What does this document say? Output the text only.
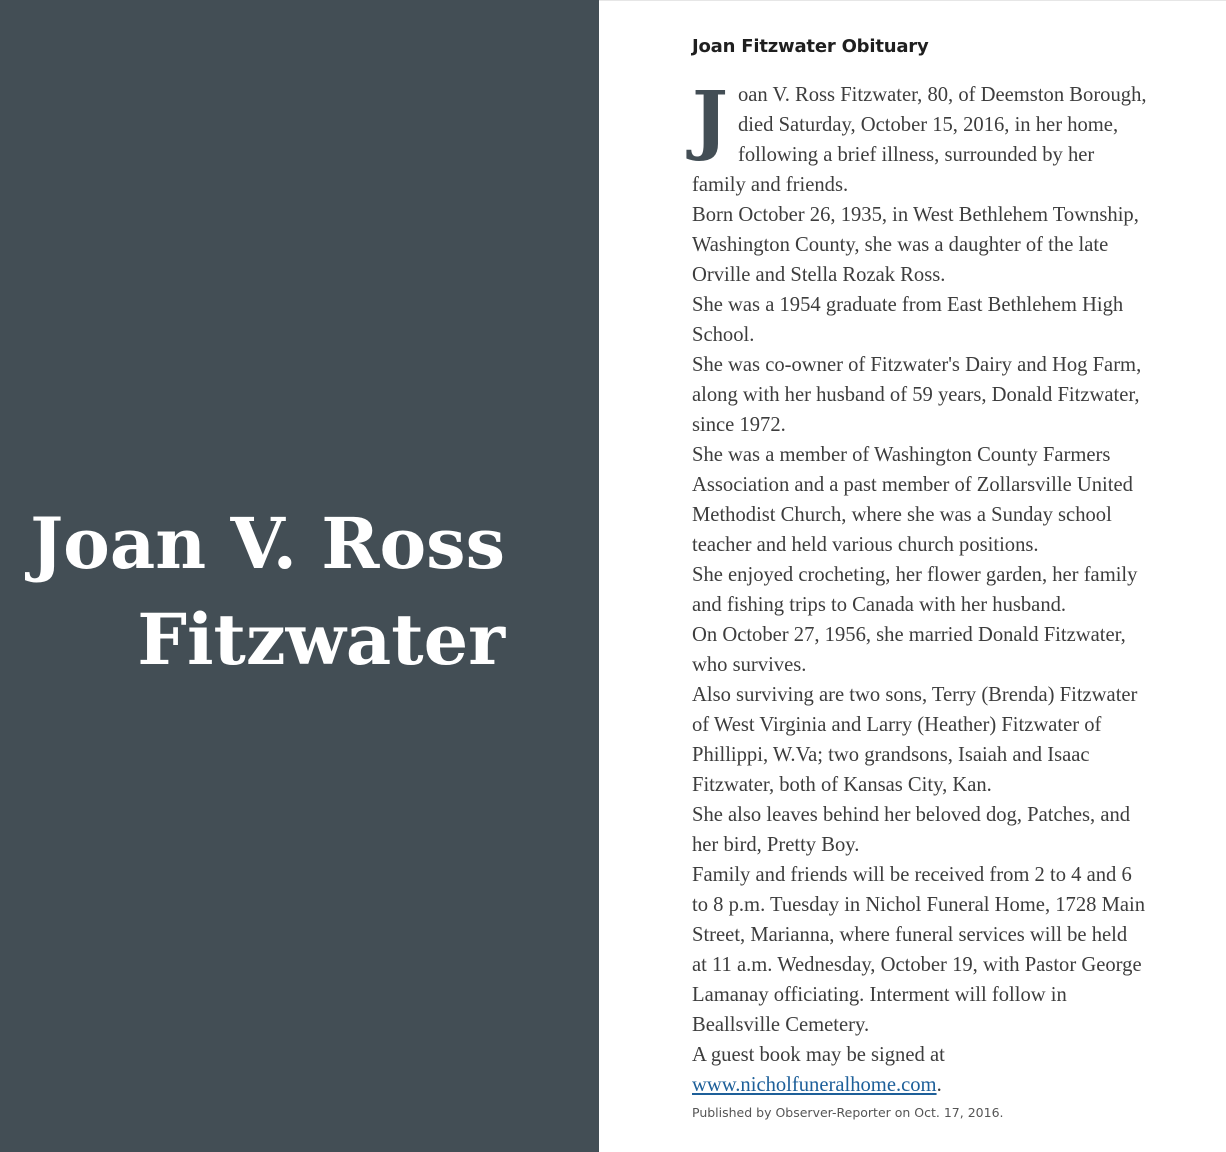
Joan V. Ross
Fitzwater
Joan Fitzwater Obituary

Joan V. Ross Fitzwater, 80, of Deemston Borough, died Saturday, October 15, 2016, in her home, following a brief illness, surrounded by her family and friends.

Born October 26, 1935, in West Bethlehem Township, Washington County, she was a daughter of the late Orville and Stella Rozak Ross.

She was a 1954 graduate from East Bethlehem High School.

She was co-owner of Fitzwater's Dairy and Hog Farm, along with her husband of 59 years, Donald Fitzwater, since 1972.

She was a member of Washington County Farmers Association and a past member of Zollarsville United Methodist Church, where she was a Sunday school teacher and held various church positions.

She enjoyed crocheting, her flower garden, her family and fishing trips to Canada with her husband.

On October 27, 1956, she married Donald Fitzwater, who survives.

Also surviving are two sons, Terry (Brenda) Fitzwater of West Virginia and Larry (Heather) Fitzwater of Phillippi, W.Va; two grandsons, Isaiah and Isaac Fitzwater, both of Kansas City, Kan.

She also leaves behind her beloved dog, Patches, and her bird, Pretty Boy.

Family and friends will be received from 2 to 4 and 6 to 8 p.m. Tuesday in Nichol Funeral Home, 1728 Main Street, Marianna, where funeral services will be held at 11 a.m. Wednesday, October 19, with Pastor George Lamanay officiating. Interment will follow in Beallsville Cemetery.

A guest book may be signed at www.nicholfuneralhome.com.

Published by Observer-Reporter on Oct. 17, 2016.
